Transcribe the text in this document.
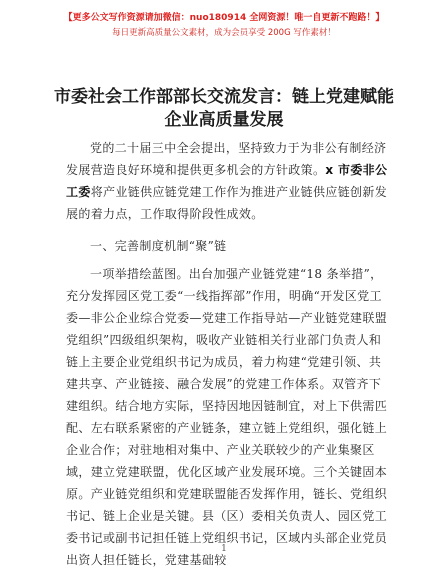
【更多公文写作资源请加微信：nuo180914 全网资源！唯一自更新不跑路！】
每日更新高质量公文素材，成为会员享受 200G 写作素材！
市委社会工作部部长交流发言：链上党建赋能
企业高质量发展

党的二十届三中全会提出，坚持致力于为非公有制经济发展营造良好环境和提供更多机会的方针政策。x 市委非公工委将产业链供应链党建工作作为推进产业链供应链创新发展的着力点，工作取得阶段性成效。

一、完善制度机制“聚”链

一项举措绘蓝图。出台加强产业链党建“18 条举措”，充分发挥园区党工委“一线指挥部”作用，明确“开发区党工委—非公企业综合党委—党建工作指导站—产业链党建联盟党组织”四级组织架构，吸收产业链相关行业部门负责人和链上主要企业党组织书记为成员，着力构建“党建引领、共建共享、产业链接、融合发展”的党建工作体系。双管齐下建组织。结合地方实际，坚持因地因链制宜，对上下供需匹配、左右联系紧密的产业链条，建立链上党组织，强化链上企业合作；对驻地相对集中、产业关联较少的产业集聚区域，建立党建联盟，优化区域产业发展环境。三个关键固本原。产业链党组织和党建联盟能否发挥作用，链长、党组织书记、链上企业是关键。县（区）委相关负责人、园区党工委书记或副书记担任链上党组织书记，区域内头部企业党员出资人担任链长，党建基础较

1
